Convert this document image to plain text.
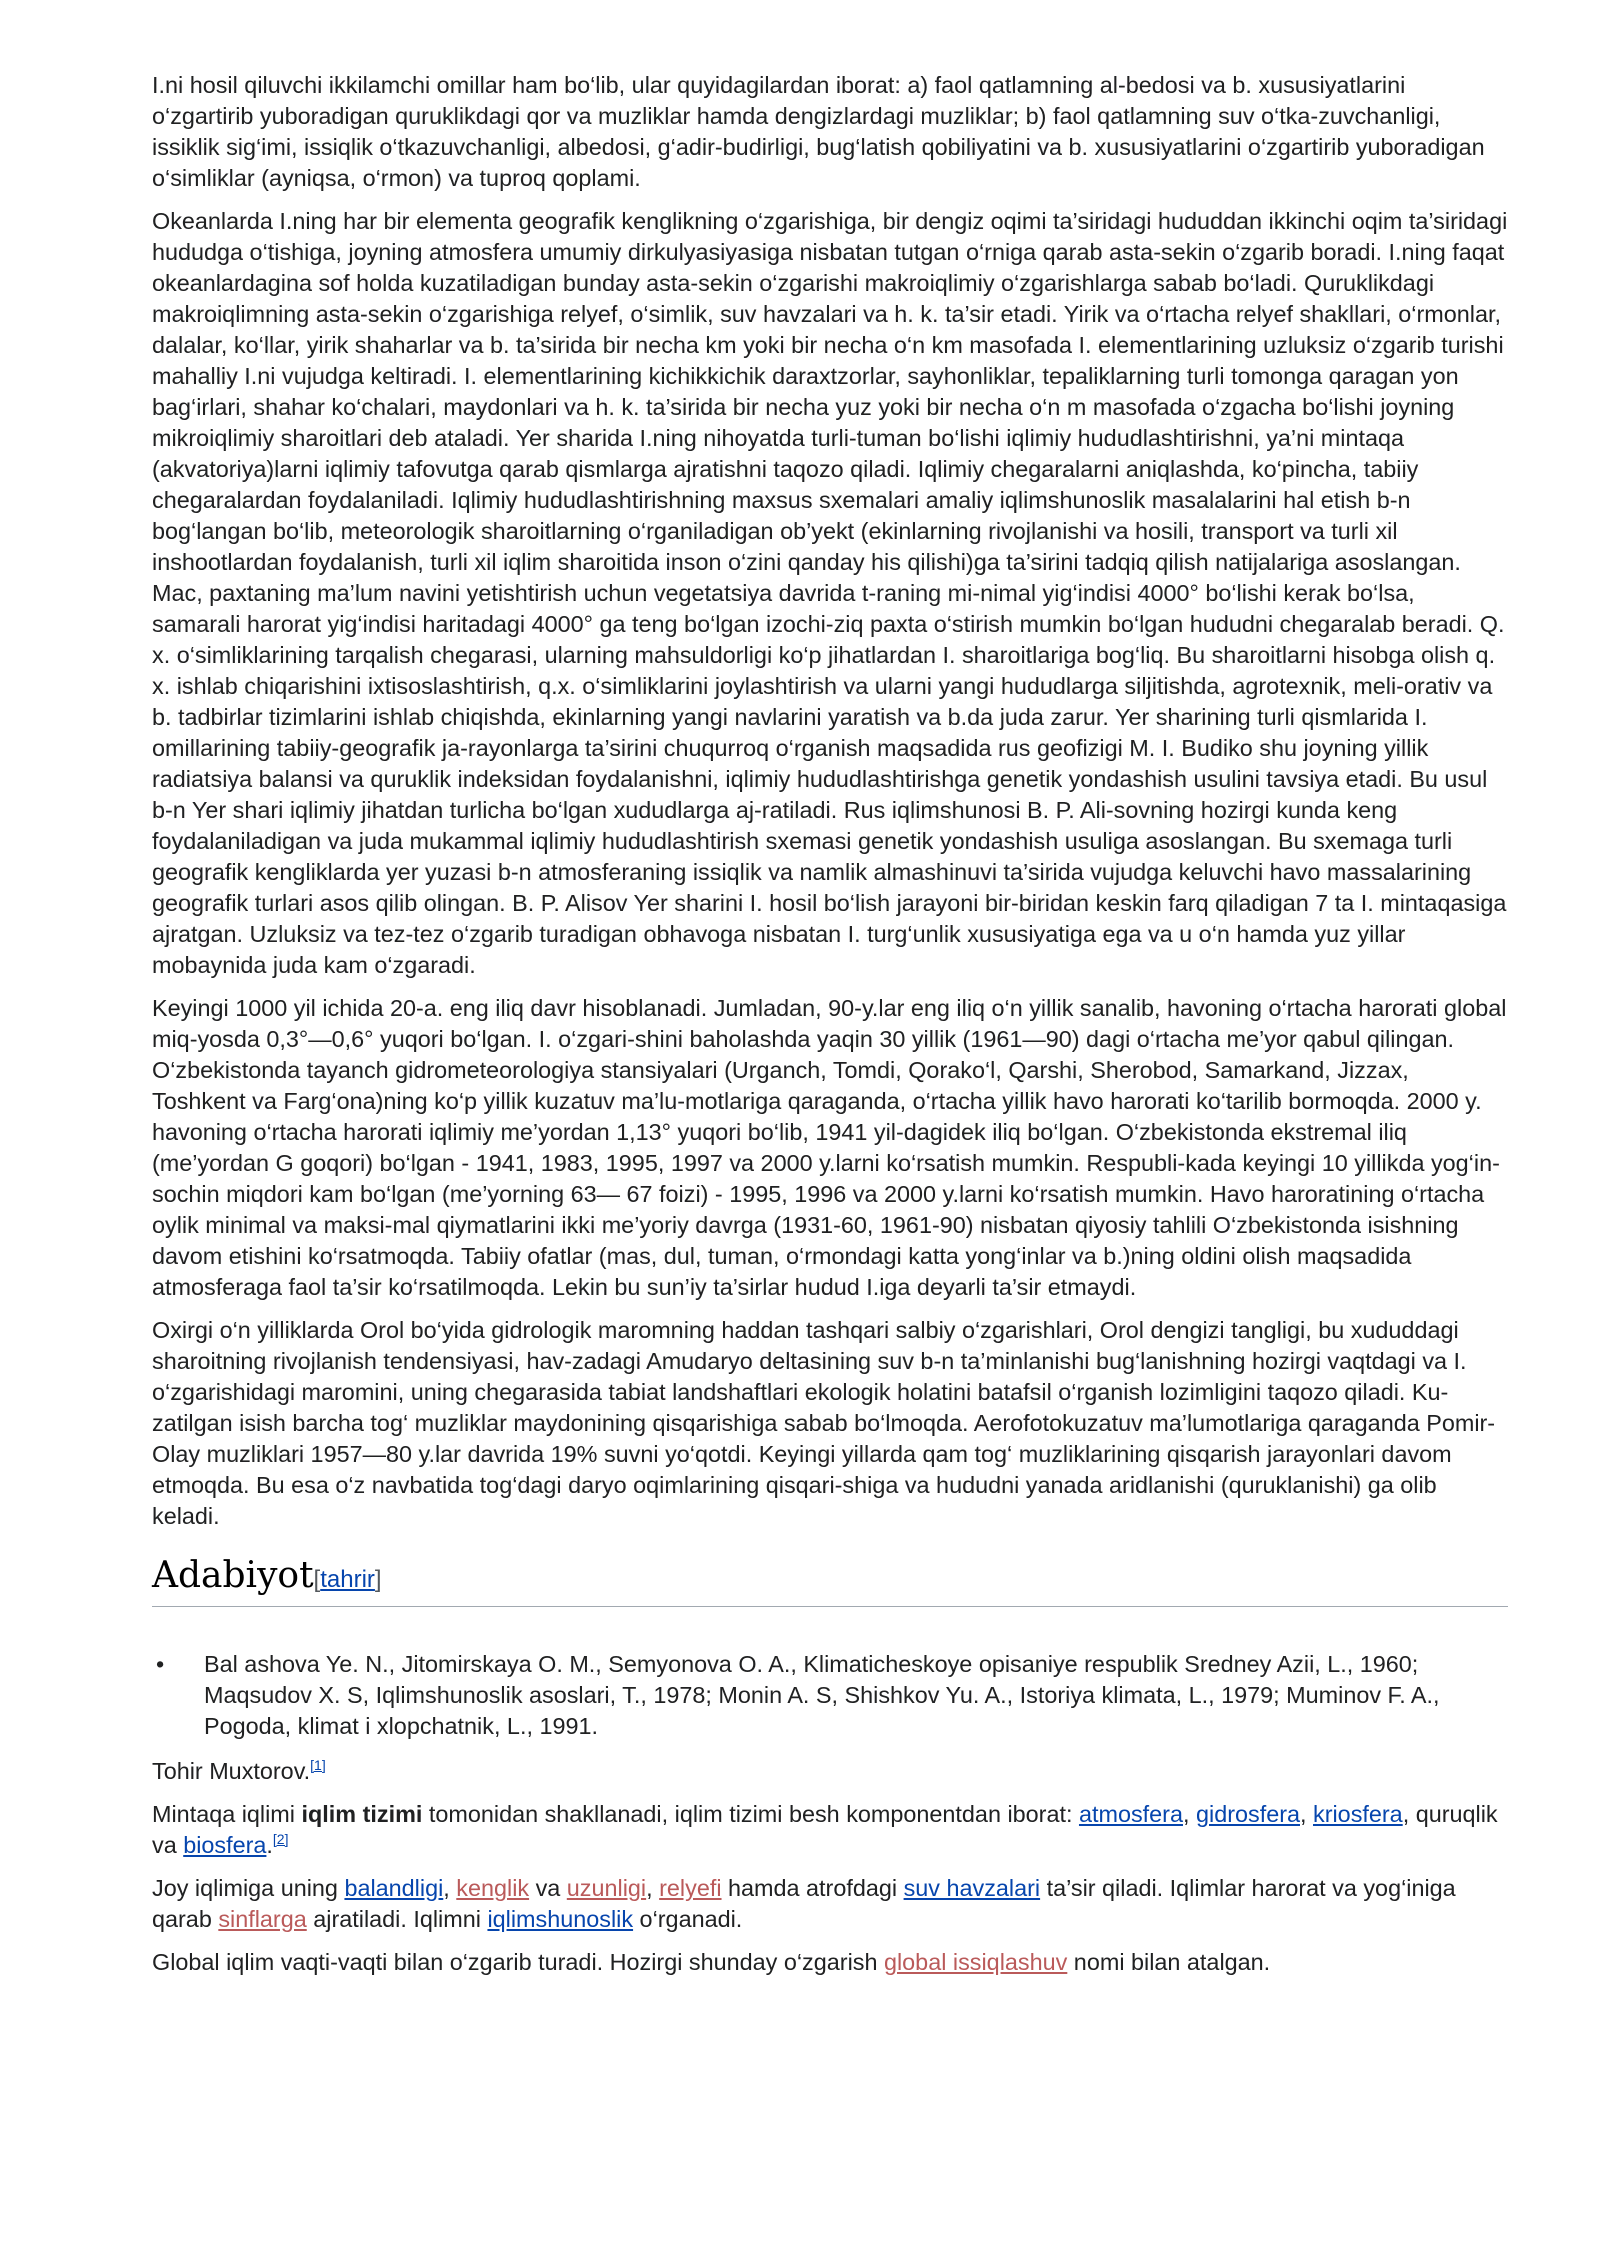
I.ni hosil qiluvchi ikkilamchi omillar ham bo‘lib, ular quyidagilardan iborat: a) faol qatlamning al-bedosi va b. xususiyatlarini o‘zgartirib yuboradigan quruklikdagi qor va muzliklar hamda dengizlardagi muzliklar; b) faol qatlamning suv o‘tka-zuvchanligi, issiklik sig‘imi, issiqlik o‘tkazuvchanligi, albedosi, g‘adir-budirligi, bug‘latish qobiliyatini va b. xususiyatlarini o‘zgartirib yuboradigan o‘simliklar (ayniqsa, o‘rmon) va tuproq qoplami.

Okeanlarda I.ning har bir elementa geografik kenglikning o‘zgarishiga, bir dengiz oqimi ta’siridagi hududdan ikkinchi oqim ta’siridagi hududga o‘tishiga, joyning atmosfera umumiy dirkulyasiyasiga nisbatan tutgan o‘rniga qarab asta-sekin o‘zgarib boradi. I.ning faqat okeanlardagina sof holda kuzatiladigan bunday asta-sekin o‘zgarishi makroiqlimiy o‘zgarishlarga sabab bo‘ladi. Quruklikdagi makroiqlimning asta-sekin o‘zgarishiga relyef, o‘simlik, suv havzalari va h. k. ta’sir etadi. Yirik va o‘rtacha relyef shakllari, o‘rmonlar, dalalar, ko‘llar, yirik shaharlar va b. ta’sirida bir necha km yoki bir necha o‘n km masofada I. elementlarining uzluksiz o‘zgarib turishi mahalliy I.ni vujudga keltiradi. I. elementlarining kichikkichik daraxtzorlar, sayhonliklar, tepaliklarning turli tomonga qaragan yon bag‘irlari, shahar ko‘chalari, maydonlari va h. k. ta’sirida bir necha yuz yoki bir necha o‘n m masofada o‘zgacha bo‘lishi joyning mikroiqlimiy sharoitlari deb ataladi. Yer sharida I.ning nihoyatda turli-tuman bo‘lishi iqlimiy hududlashtirishni, ya’ni mintaqa (akvatoriya)larni iqlimiy tafovutga qarab qismlarga ajratishni taqozo qiladi. Iqlimiy chegaralarni aniqlashda, ko‘pincha, tabiiy chegaralardan foydalaniladi. Iqlimiy hududlashtirishning maxsus sxemalari amaliy iqlimshunoslik masalalarini hal etish b-n bog‘langan bo‘lib, meteorologik sharoitlarning o‘rganiladigan ob’yekt (ekinlarning rivojlanishi va hosili, transport va turli xil inshootlardan foydalanish, turli xil iqlim sharoitida inson o‘zini qanday his qilishi)ga ta’sirini tadqiq qilish natijalariga asoslangan. Mac, paxtaning ma’lum navini yetishtirish uchun vegetatsiya davrida t-raning mi-nimal yig‘indisi 4000° bo‘lishi kerak bo‘lsa, samarali harorat yig‘indisi haritadagi 4000° ga teng bo‘lgan izochi-ziq paxta o‘stirish mumkin bo‘lgan hududni chegaralab beradi. Q. x. o‘simliklarining tarqalish chegarasi, ularning mahsuldorligi ko‘p jihatlardan I. sharoitlariga bog‘liq. Bu sharoitlarni hisobga olish q. x. ishlab chiqarishini ixtisoslashtirish, q.x. o‘simliklarini joylashtirish va ularni yangi hududlarga siljitishda, agrotexnik, meli-orativ va b. tadbirlar tizimlarini ishlab chiqishda, ekinlarning yangi navlarini yaratish va b.da juda zarur. Yer sharining turli qismlarida I. omillarining tabiiy-geografik ja-rayonlarga ta’sirini chuqurroq o‘rganish maqsadida rus geofizigi M. I. Budiko shu joyning yillik radiatsiya balansi va quruklik indeksidan foydalanishni, iqlimiy hududlashtirishga genetik yondashish usulini tavsiya etadi. Bu usul b-n Yer shari iqlimiy jihatdan turlicha bo‘lgan xududlarga aj-ratiladi. Rus iqlimshunosi B. P. Ali-sovning hozirgi kunda keng foydalaniladigan va juda mukammal iqlimiy hududlashtirish sxemasi genetik yondashish usuliga asoslangan. Bu sxemaga turli geografik kengliklarda yer yuzasi b-n atmosferaning issiqlik va namlik almashinuvi ta’sirida vujudga keluvchi havo massalarining geografik turlari asos qilib olingan. B. P. Alisov Yer sharini I. hosil bo‘lish jarayoni bir-biridan keskin farq qiladigan 7 ta I. mintaqasiga ajratgan. Uzluksiz va tez-tez o‘zgarib turadigan obhavoga nisbatan I. turg‘unlik xususiyatiga ega va u o‘n hamda yuz yillar mobaynida juda kam o‘zgaradi.

Keyingi 1000 yil ichida 20-a. eng iliq davr hisoblanadi. Jumladan, 90-y.lar eng iliq o‘n yillik sanalib, havoning o‘rtacha harorati global miq-yosda 0,3°—0,6° yuqori bo‘lgan. I. o‘zgari-shini baholashda yaqin 30 yillik (1961—90) dagi o‘rtacha me’yor qabul qilingan. O‘zbekistonda tayanch gidrometeorologiya stansiyalari (Urganch, Tomdi, Qorako‘l, Qarshi, Sherobod, Samarkand, Jizzax, Toshkent va Farg‘ona)ning ko‘p yillik kuzatuv ma’lu-motlariga qaraganda, o‘rtacha yillik havo harorati ko‘tarilib bormoqda. 2000 y. havoning o‘rtacha harorati iqlimiy me’yordan 1,13° yuqori bo‘lib, 1941 yil-dagidek iliq bo‘lgan. O‘zbekistonda ekstremal iliq (me’yordan G goqori) bo‘lgan - 1941, 1983, 1995, 1997 va 2000 y.larni ko‘rsatish mumkin. Respubli-kada keyingi 10 yillikda yog‘in-sochin miqdori kam bo‘lgan (me’yorning 63— 67 foizi) - 1995, 1996 va 2000 y.larni ko‘rsatish mumkin. Havo haroratining o‘rtacha oylik minimal va maksi-mal qiymatlarini ikki me’yoriy davrga (1931-60, 1961-90) nisbatan qiyosiy tahlili O‘zbekistonda isishning davom etishini ko‘rsatmoqda. Tabiiy ofatlar (mas, dul, tuman, o‘rmondagi katta yong‘inlar va b.)ning oldini olish maqsadida atmosferaga faol ta’sir ko‘rsatilmoqda. Lekin bu sun’iy ta’sirlar hudud I.iga deyarli ta’sir etmaydi.

Oxirgi o‘n yilliklarda Orol bo‘yida gidrologik maromning haddan tashqari salbiy o‘zgarishlari, Orol dengizi tangligi, bu xududdagi sharoitning rivojlanish tendensiyasi, hav-zadagi Amudaryo deltasining suv b-n ta’minlanishi bug‘lanishning hozirgi vaqtdagi va I. o‘zgarishidagi maromini, uning chegarasida tabiat landshaftlari ekologik holatini batafsil o‘rganish lozimligini taqozo qiladi. Ku-zatilgan isish barcha tog‘ muzliklar maydonining qisqarishiga sabab bo‘lmoqda. Aerofotokuzatuv ma’lumotlariga qaraganda Pomir-Olay muzliklari 1957—80 y.lar davrida 19% suvni yo‘qotdi. Keyingi yillarda qam tog‘ muzliklarining qisqarish jarayonlari davom etmoqda. Bu esa o‘z navbatida tog‘dagi daryo oqimlarining qisqari-shiga va hududni yanada aridlanishi (quruklanishi) ga olib keladi.

Adabiyot[tahrir]
• Bal ashova Ye. N., Jitomirskaya O. M., Semyonova O. A., Klimaticheskoye opisaniye respublik Sredney Azii, L., 1960; Maqsudov X. S, Iqlimshunoslik asoslari, T., 1978; Monin A. S, Shishkov Yu. A., Istoriya klimata, L., 1979; Muminov F. A., Pogoda, klimat i xlopchatnik, L., 1991.

Tohir Muxtorov.[1]

Mintaqa iqlimi iqlim tizimi tomonidan shakllanadi, iqlim tizimi besh komponentdan iborat: atmosfera, gidrosfera, kriosfera, quruqlik va biosfera.[2]

Joy iqlimiga uning balandligi, kenglik va uzunligi, relyefi hamda atrofdagi suv havzalari ta’sir qiladi. Iqlimlar harorat va yog‘iniga qarab sinflarga ajratiladi. Iqlimni iqlimshunoslik o‘rganadi.

Global iqlim vaqti-vaqti bilan o‘zgarib turadi. Hozirgi shunday o‘zgarish global issiqlashuv nomi bilan atalgan.
